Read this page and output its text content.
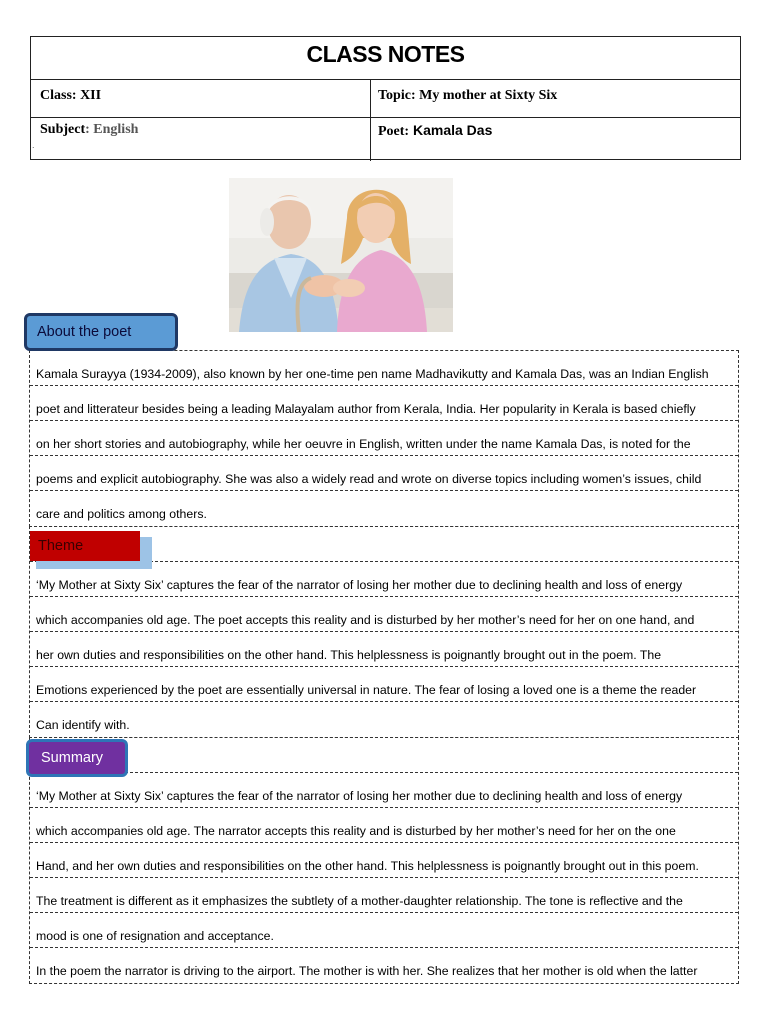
CLASS NOTES
Class: XII	Topic: My mother at Sixty Six
Subject: English	Poet: Kamala Das
.
Kamala Surayya (1934-2009), also known by her one-time pen name Madhavikutty and Kamala Das, was an Indian English
poet and litterateur besides being a leading Malayalam author from Kerala, India. Her popularity in Kerala is based chiefly
on her short stories and autobiography, while her oeuvre in English, written under the name Kamala Das, is noted for the
poems and explicit autobiography. She was also a widely read and wrote on diverse topics including women’s issues, child
care and politics among others.
About the poet
‘My Mother at Sixty Six’ captures the fear of the narrator of losing her mother due to declining health and loss of energy
which accompanies old age. The poet accepts this reality and is disturbed by her mother’s need for her on one hand, and
her own duties and responsibilities on the other hand. This helplessness is poignantly brought out in the poem. The
Emotions experienced by the poet are essentially universal in nature. The fear of losing a loved one is a theme the reader
Can identify with.
Theme
‘My Mother at Sixty Six’ captures the fear of the narrator of losing her mother due to declining health and loss of energy
which accompanies old age. The narrator accepts this reality and is disturbed by her mother’s need for her on the one
Hand, and her own duties and responsibilities on the other hand. This helplessness is poignantly brought out in this poem.
The treatment is different as it emphasizes the subtlety of a mother-daughter relationship. The tone is reflective and the
mood is one of resignation and acceptance.
In the poem the narrator is driving to the airport. The mother is with her. She realizes that her mother is old when the latter
Summary
